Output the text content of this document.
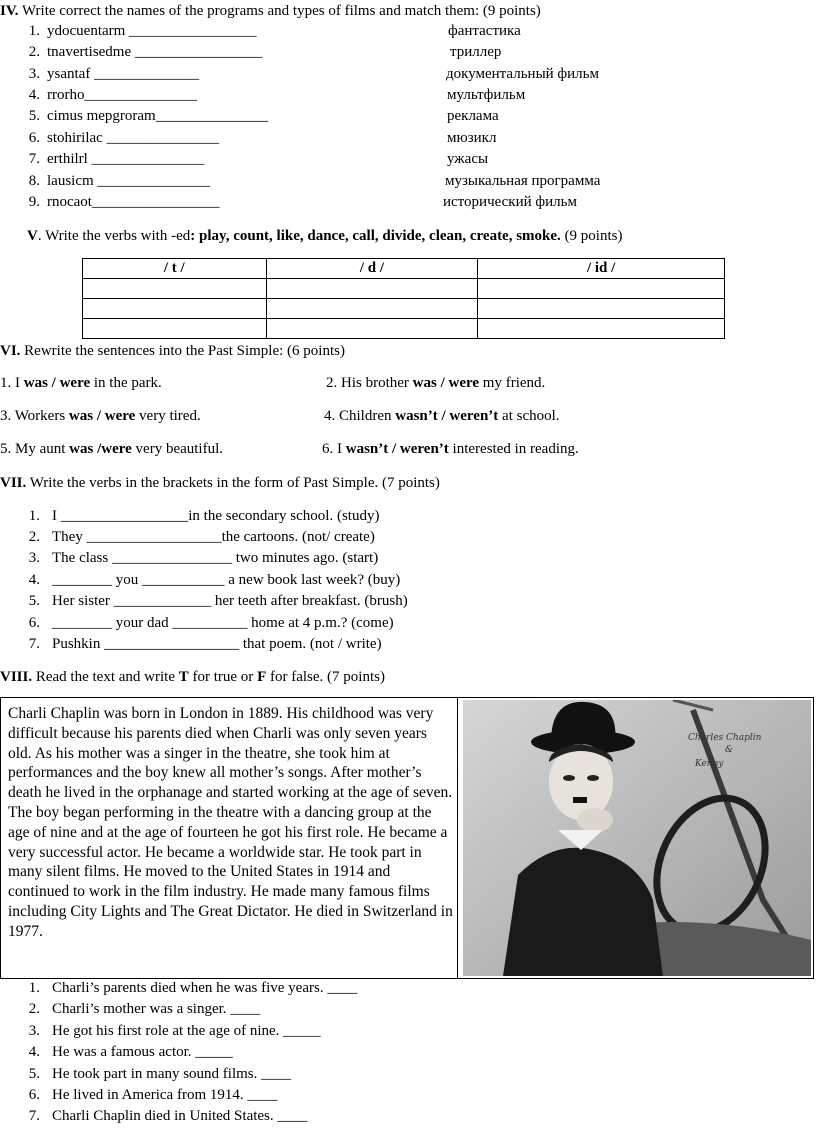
IV. Write correct the names of the programs and types of films and match them: (9 points)
1. ydocuentarm _________________	фантастика
2. tnavertisedme _________________	триллер
3. ysantaf ______________	документальный фильм
4. rrorho_______________	мультфильм
5. cimus mepgroram_______________	реклама
6. stohirilac _______________	мюзикл
7. erthilrl _______________	ужасы
8. lausicm _______________	музыкальная программа
9. rnocaot_________________	исторический фильм
V. Write the verbs with -ed: play, count, like, dance, call, divide, clean, create, smoke. (9 points)
/ t /	/ d /	/ id /

VI. Rewrite the sentences into the Past Simple: (6 points)
1. I was / were in the park.	2. His brother was / were my friend.
3. Workers was / were very tired.	4. Children wasn’t / weren’t at school.
5. My aunt was /were very beautiful.	6. I wasn’t / weren’t interested in reading.
VII. Write the verbs in the brackets in the form of Past Simple. (7 points)
1. I _________________in the secondary school. (study)
2. They __________________the cartoons. (not/ create)
3. The class ________________ two minutes ago. (start)
4. ________ you ___________ a new book last week? (buy)
5. Her sister _____________ her teeth after breakfast. (brush)
6. ________ your dad __________ home at 4 p.m.? (come)
7. Pushkin __________________ that poem. (not / write)
VIII. Read the text and write T for true or F for false. (7 points)
Charli Chaplin was born in London in 1889. His childhood was very difficult because his parents died when Charli was only seven years old. As his mother was a singer in the theatre, she took him at performances and the boy knew all mother’s songs. After mother’s death he lived in the orphanage and started working at the age of seven. The boy began performing in the theatre with a dancing group at the age of nine and at the age of fourteen he got his first role. He became a very successful actor. He became a worldwide star. He took part in many silent films. He moved to the United States in 1914 and continued to work in the film industry. He made many famous films including City Lights and The Great Dictator. He died in Switzerland in 1977.
Charles Chaplin
&
Kenny
1. Charli’s parents died when he was five years. ____
2. Charli’s mother was a singer. ____
3. He got his first role at the age of nine. _____
4. He was a famous actor. _____
5. He took part in many sound films. ____
6. He lived in America from 1914. ____
7. Charli Chaplin died in United States. ____
